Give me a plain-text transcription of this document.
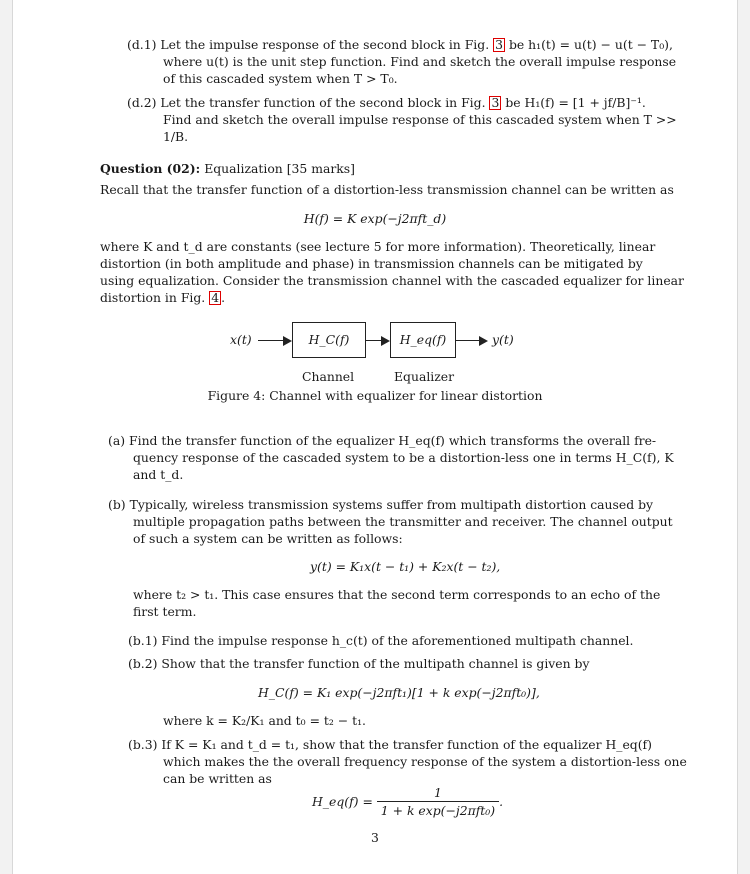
(d.1) Let the impulse response of the second block in Fig. 3 be h₁(t) = u(t) − u(t − T₀),
where u(t) is the unit step function. Find and sketch the overall impulse response
of this cascaded system when T > T₀.
(d.2) Let the transfer function of the second block in Fig. 3 be H₁(f) = [1 + jf/B]⁻¹.
Find and sketch the overall impulse response of this cascaded system when T >>
1/B.
Question (02): Equalization [35 marks]
Recall that the transfer function of a distortion-less transmission channel can be written as
H(f) = K exp(−j2πft_d)
where K and t_d are constants (see lecture 5 for more information). Theoretically, linear
distortion (in both amplitude and phase) in transmission channels can be mitigated by
using equalization. Consider the transmission channel with the cascaded equalizer for linear
distortion in Fig. 4 .
x(t)	H_C(f)	H_eq(f)	y(t)
Channel	Equalizer
Figure 4: Channel with equalizer for linear distortion
(a) Find the transfer function of the equalizer H_eq(f) which transforms the overall fre-
quency response of the cascaded system to be a distortion-less one in terms H_C(f), K
and t_d.
(b) Typically, wireless transmission systems suffer from multipath distortion caused by
multiple propagation paths between the transmitter and receiver. The channel output
of such a system can be written as follows:
y(t) = K₁x(t − t₁) + K₂x(t − t₂),
where t₂ > t₁. This case ensures that the second term corresponds to an echo of the
first term.
(b.1) Find the impulse response h_c(t) of the aforementioned multipath channel.
(b.2) Show that the transfer function of the multipath channel is given by
H_C(f) = K₁ exp(−j2πft₁)[1 + k exp(−j2πft₀)],
where k = K₂/K₁ and t₀ = t₂ − t₁.
(b.3) If K = K₁ and t_d = t₁, show that the transfer function of the equalizer H_eq(f)
which makes the the overall frequency response of the system a distortion-less one
can be written as
H_eq(f) = $\frac{1}{\text{1 + k exp(−j2πft₀)}}$ .
3
